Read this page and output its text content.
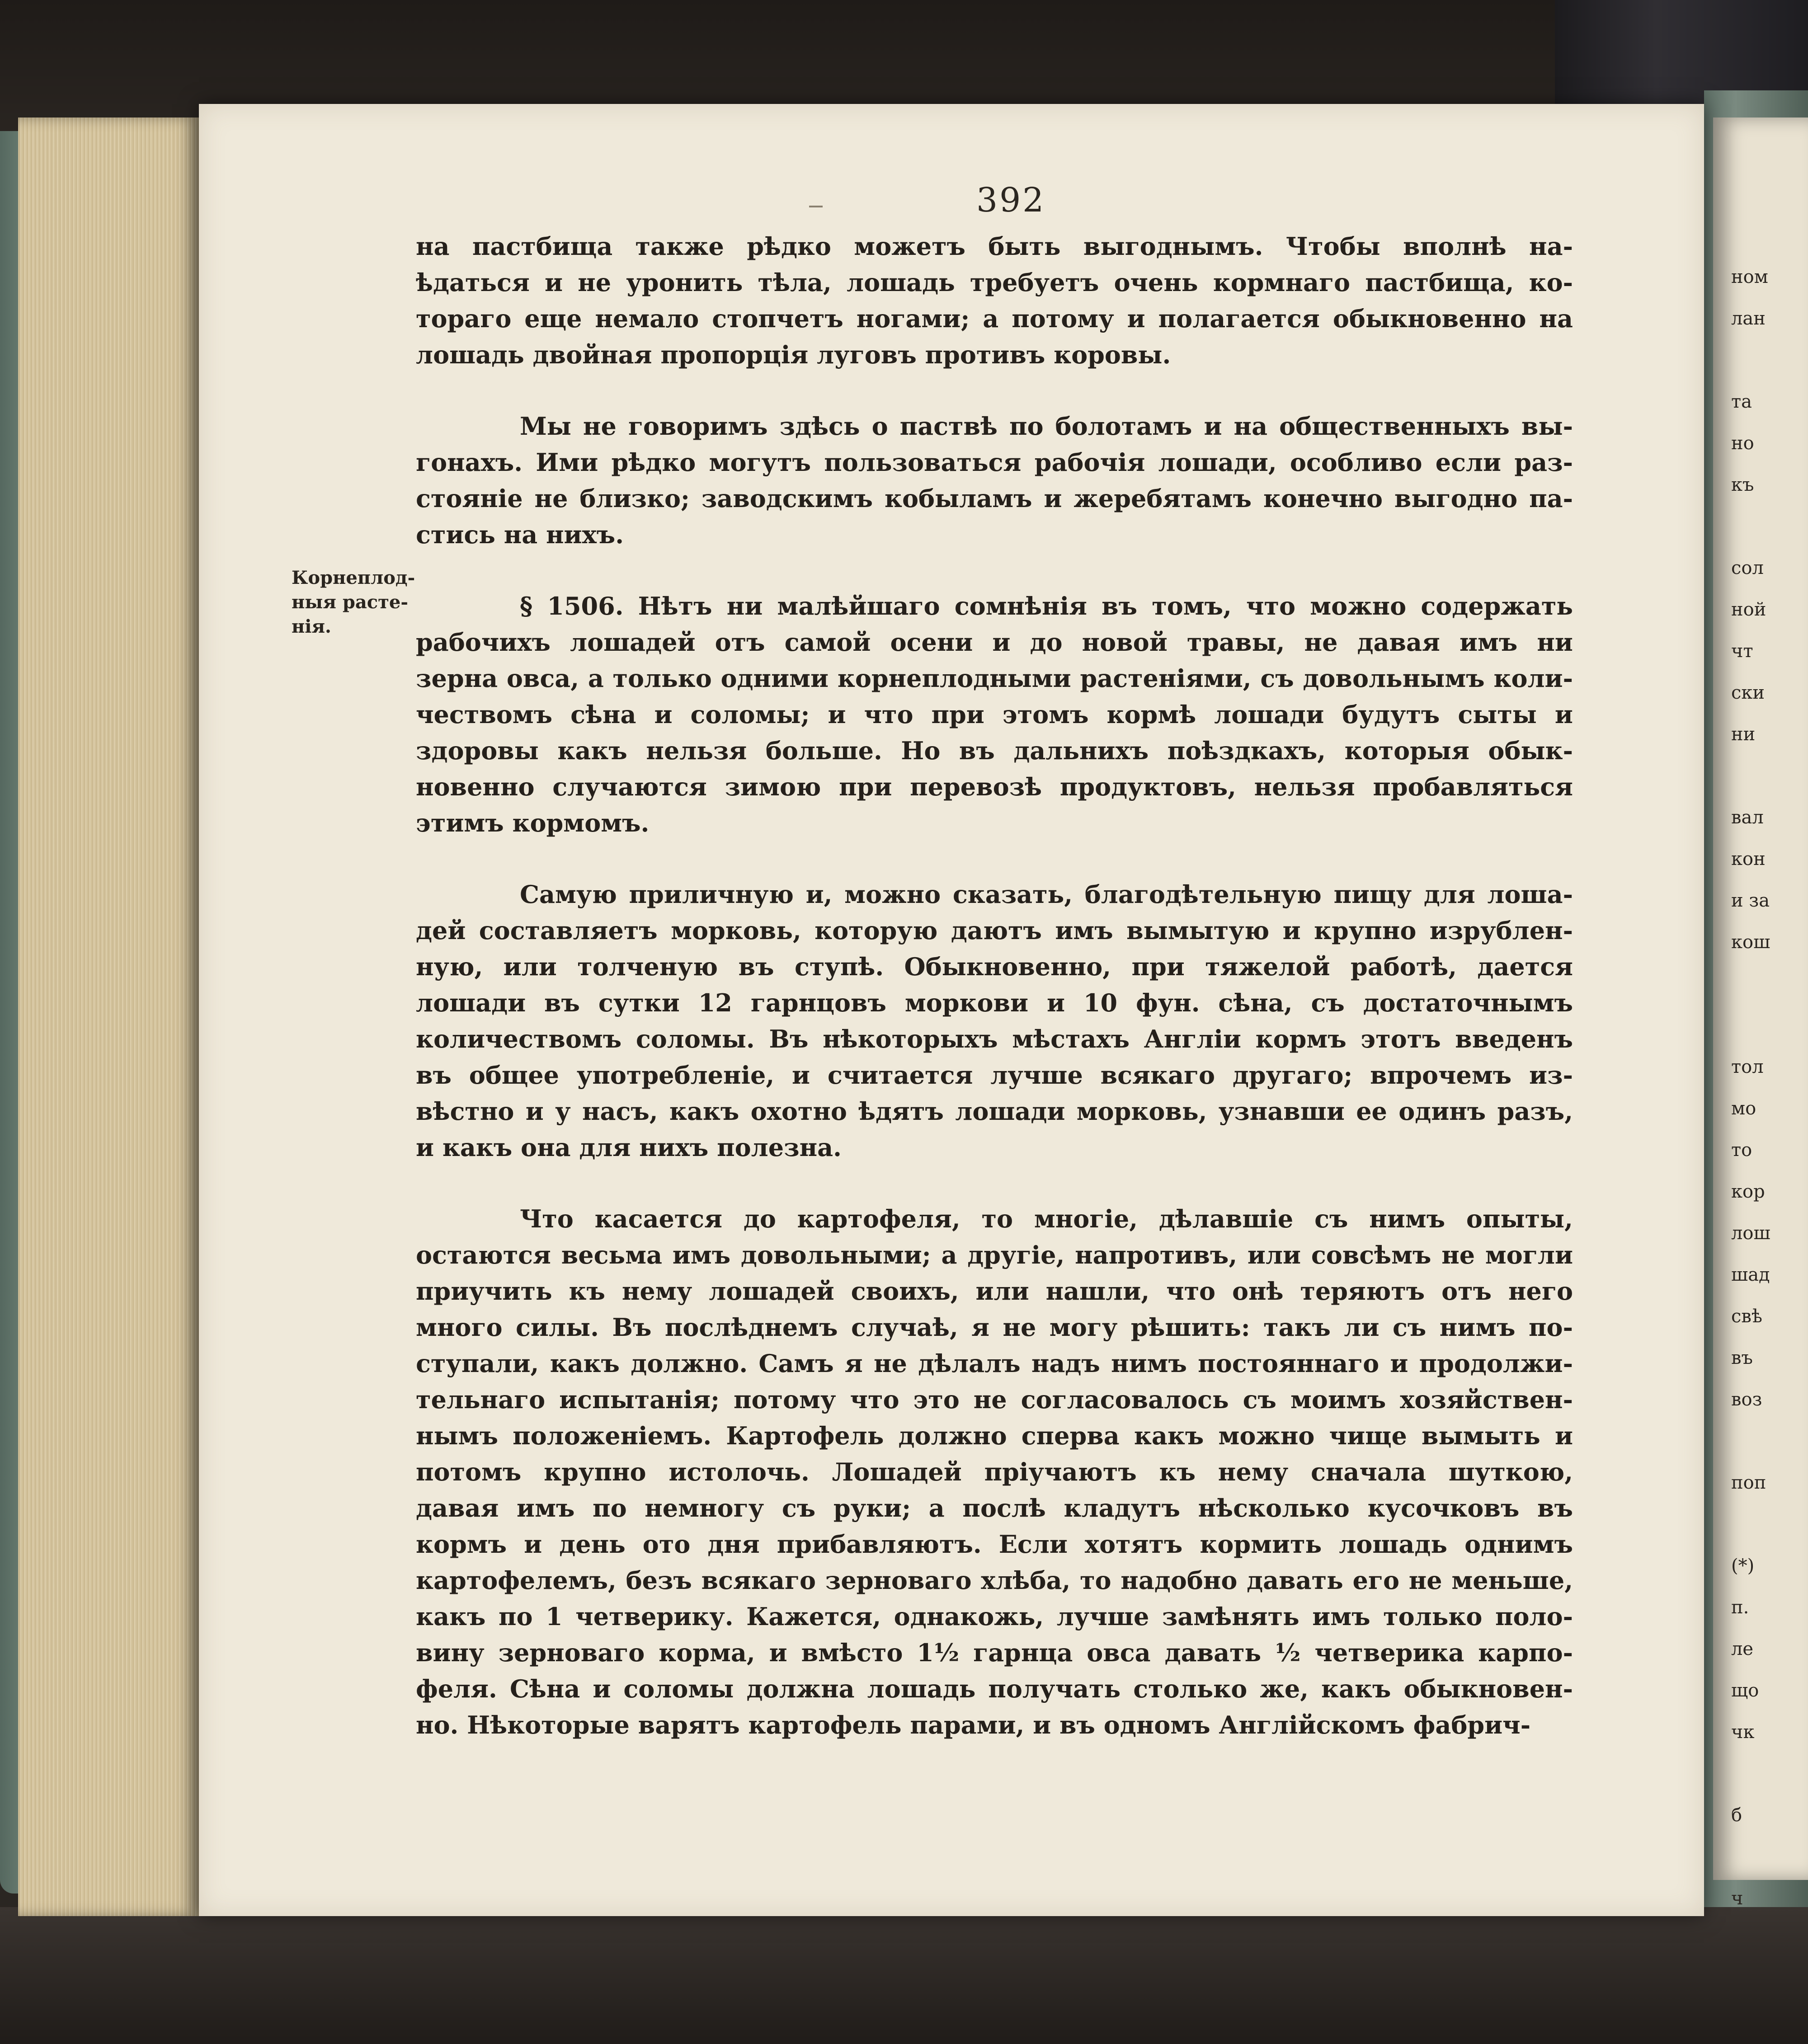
ном
лан
та
но
къ
сол
ной
чт
ски
ни
вал
кон
и за
кош
тол
мо
то
кор
лош
шад
свѣ
въ
воз
поп
(*)
п.
ле
що
чк
б
ч
392
Корнеплод-
ныя расте-
нія.
на пастбища также рѣдко можетъ быть выгоднымъ. Чтобы вполнѣ на-
ѣдаться и не уронить тѣла, лошадь требуетъ очень кормнаго пастбища, ко-
тораго еще немало стопчетъ ногами; а потому и полагается обыкновенно на
лошадь двойная пропорція луговъ противъ коровы.
Мы не говоримъ здѣсь о паствѣ по болотамъ и на общественныхъ вы-
гонахъ. Ими рѣдко могутъ пользоваться рабочія лошади, особливо если раз-
стояніе не близко; заводскимъ кобыламъ и жеребятамъ конечно выгодно па-
стись на нихъ.
§ 1506. Нѣтъ ни малѣйшаго сомнѣнія въ томъ, что можно содержать
рабочихъ лошадей отъ самой осени и до новой травы, не давая имъ ни
зерна овса, а только одними корнеплодными растеніями, съ довольнымъ коли-
чествомъ сѣна и соломы; и что при этомъ кормѣ лошади будутъ сыты и
здоровы какъ нельзя больше. Но въ дальнихъ поѣздкахъ, которыя обык-
новенно случаются зимою при перевозѣ продуктовъ, нельзя пробавляться
этимъ кормомъ.
Самую приличную и, можно сказать, благодѣтельную пищу для лоша-
дей составляетъ морковь, которую даютъ имъ вымытую и крупно изрублен-
ную, или толченую въ ступѣ. Обыкновенно, при тяжелой работѣ, дается
лошади въ сутки 12 гарнцовъ моркови и 10 фун. сѣна, съ достаточнымъ
количествомъ соломы. Въ нѣкоторыхъ мѣстахъ Англіи кормъ этотъ введенъ
въ общее употребленіе, и считается лучше всякаго другаго; впрочемъ из-
вѣстно и у насъ, какъ охотно ѣдятъ лошади морковь, узнавши ее одинъ разъ,
и какъ она для нихъ полезна.
Что касается до картофеля, то многіе, дѣлавшіе съ нимъ опыты,
остаются весьма имъ довольными; а другіе, напротивъ, или совсѣмъ не могли
приучить къ нему лошадей своихъ, или нашли, что онѣ теряютъ отъ него
много силы. Въ послѣднемъ случаѣ, я не могу рѣшить: такъ ли съ нимъ по-
ступали, какъ должно. Самъ я не дѣлалъ надъ нимъ постояннаго и продолжи-
тельнаго испытанія; потому что это не согласовалось съ моимъ хозяйствен-
нымъ положеніемъ. Картофель должно сперва какъ можно чище вымыть и
потомъ крупно истолочь. Лошадей пріучаютъ къ нему сначала шуткою,
давая имъ по немногу съ руки; а послѣ кладутъ нѣсколько кусочковъ въ
кормъ и день ото дня прибавляютъ. Если хотятъ кормить лошадь однимъ
картофелемъ, безъ всякаго зерноваго хлѣба, то надобно давать его не меньше,
какъ по 1 четверику. Кажется, однакожь, лучше замѣнять имъ только поло-
вину зерноваго корма, и вмѣсто 1½ гарнца овса давать ½ четверика карпо-
феля. Сѣна и соломы должна лошадь получать столько же, какъ обыкновен-
но. Нѣкоторые варятъ картофель парами, и въ одномъ Англійскомъ фабрич-
